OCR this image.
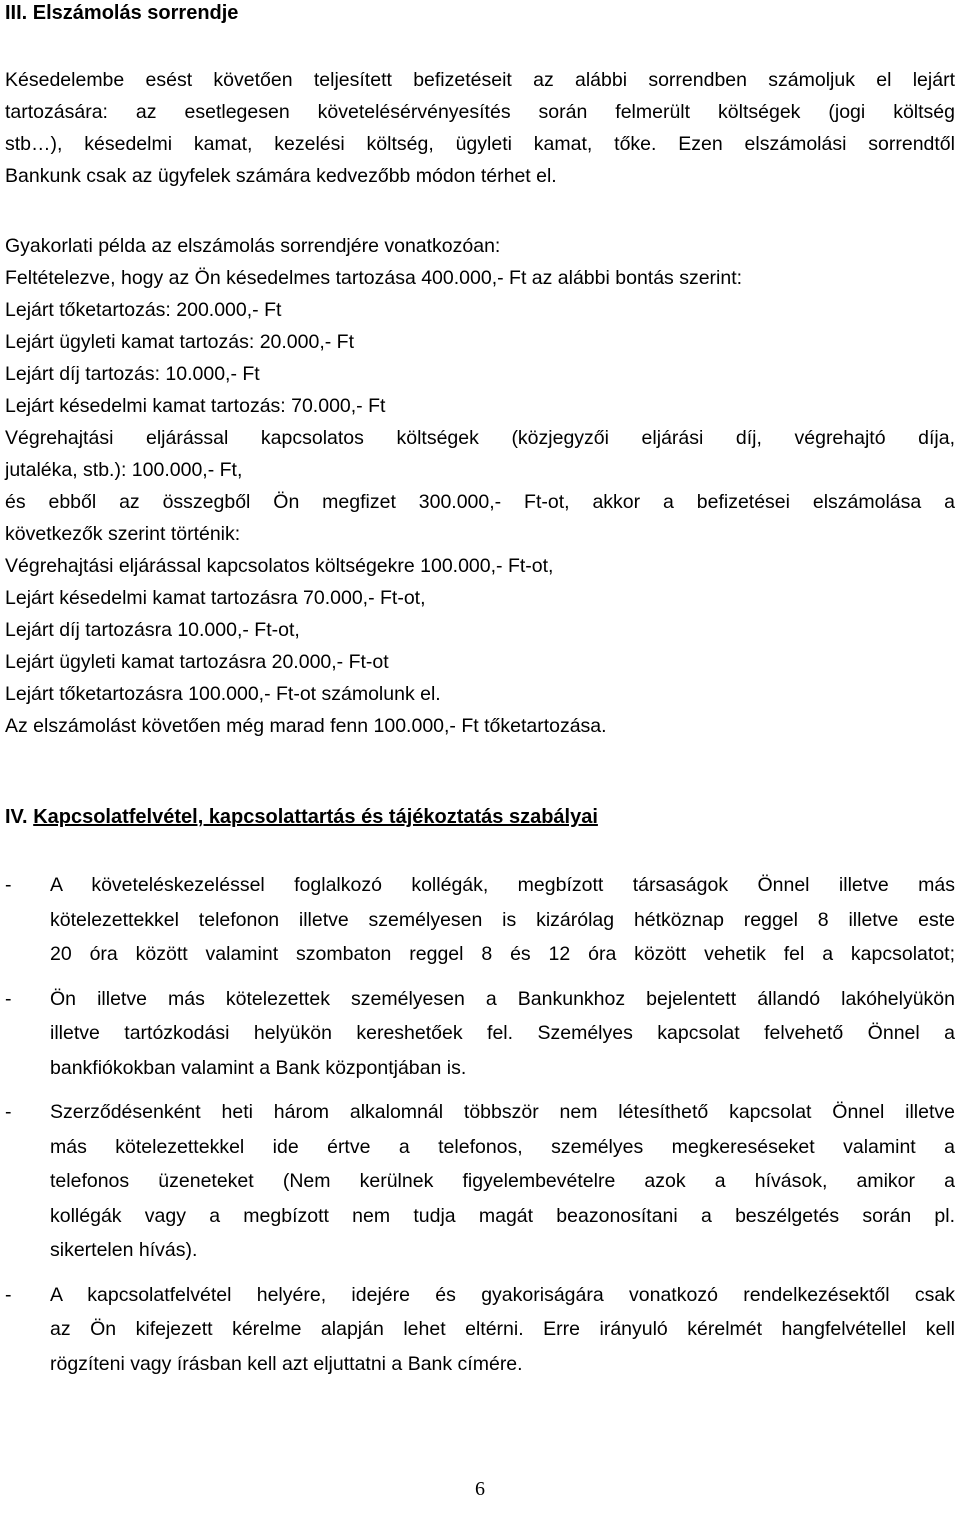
III. Elszámolás sorrendje
Késedelembe esést követően teljesített befizetéseit az alábbi sorrendben számoljuk el lejárt
tartozására: az esetlegesen követelésérvényesítés során felmerült költségek (jogi költség
stb…), késedelmi kamat, kezelési költség, ügyleti kamat, tőke. Ezen elszámolási sorrendtől
Bankunk csak az ügyfelek számára kedvezőbb módon térhet el.
Gyakorlati példa az elszámolás sorrendjére vonatkozóan:
Feltételezve, hogy az Ön késedelmes tartozása 400.000,- Ft az alábbi bontás szerint:
Lejárt tőketartozás: 200.000,- Ft
Lejárt ügyleti kamat tartozás: 20.000,- Ft
Lejárt díj tartozás: 10.000,- Ft
Lejárt késedelmi kamat tartozás: 70.000,- Ft
Végrehajtási eljárással kapcsolatos költségek (közjegyzői eljárási díj, végrehajtó díja,
jutaléka, stb.): 100.000,- Ft,
és ebből az összegből Ön megfizet 300.000,- Ft-ot, akkor a befizetései elszámolása a
következők szerint történik:
Végrehajtási eljárással kapcsolatos költségekre 100.000,- Ft-ot,
Lejárt késedelmi kamat tartozásra 70.000,- Ft-ot,
Lejárt díj tartozásra 10.000,- Ft-ot,
Lejárt ügyleti kamat tartozásra 20.000,- Ft-ot
Lejárt tőketartozásra 100.000,- Ft-ot számolunk el.
Az elszámolást követően még marad fenn 100.000,- Ft tőketartozása.
IV. Kapcsolatfelvétel, kapcsolattartás és tájékoztatás szabályai
- A követeléskezeléssel foglalkozó kollégák, megbízott társaságok Önnel illetve más
kötelezettekkel telefonon illetve személyesen is kizárólag hétköznap reggel 8 illetve este
20 óra között valamint szombaton reggel 8 és 12 óra között vehetik fel a kapcsolatot;
- Ön illetve más kötelezettek személyesen a Bankunkhoz bejelentett állandó lakóhelyükön
illetve tartózkodási helyükön kereshetőek fel. Személyes kapcsolat felvehető Önnel a
bankfiókokban valamint a Bank központjában is.
- Szerződésenként heti három alkalomnál többször nem létesíthető kapcsolat Önnel illetve
más kötelezettekkel ide értve a telefonos, személyes megkereséseket valamint a
telefonos üzeneteket (Nem kerülnek figyelembevételre azok a hívások, amikor a
kollégák vagy a megbízott nem tudja magát beazonosítani a beszélgetés során pl.
sikertelen hívás).
- A kapcsolatfelvétel helyére, idejére és gyakoriságára vonatkozó rendelkezésektől csak
az Ön kifejezett kérelme alapján lehet eltérni. Erre irányuló kérelmét hangfelvétellel kell
rögzíteni vagy írásban kell azt eljuttatni a Bank címére.
6
